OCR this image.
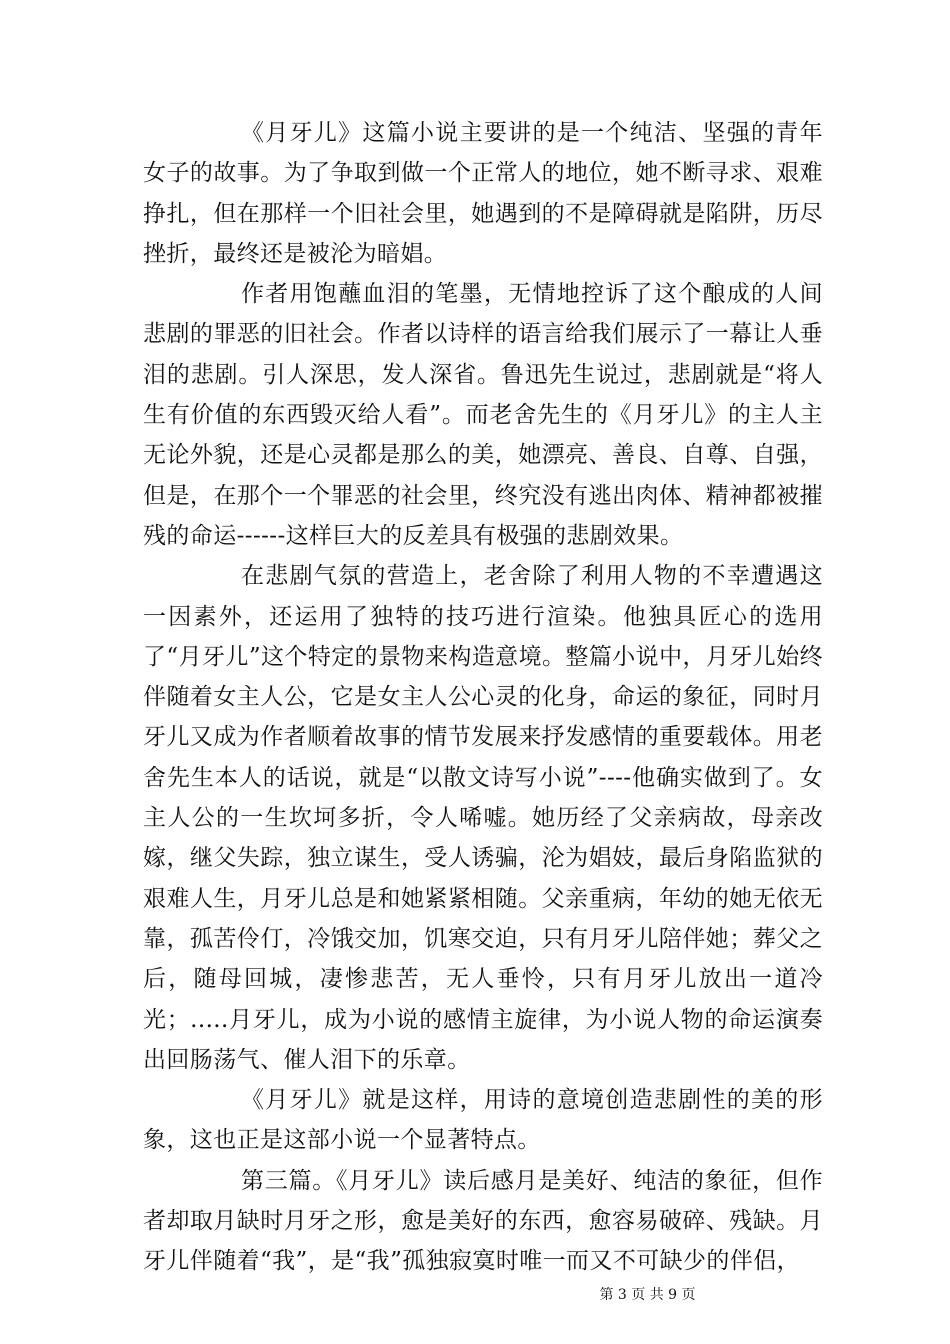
《月牙儿》这篇小说主要讲的是一个纯洁、坚强的青年女子的故事。为了争取到做一个正常人的地位，她不断寻求、艰难挣扎，但在那样一个旧社会里，她遇到的不是障碍就是陷阱，历尽挫折，最终还是被沦为暗娼。

作者用饱蘸血泪的笔墨，无情地控诉了这个酿成的人间悲剧的罪恶的旧社会。作者以诗样的语言给我们展示了一幕让人垂泪的悲剧。引人深思，发人深省。鲁迅先生说过，悲剧就是“将人生有价值的东西毁灭给人看”。而老舍先生的《月牙儿》的主人主无论外貌，还是心灵都是那么的美，她漂亮、善良、自尊、自强，但是，在那个一个罪恶的社会里，终究没有逃出肉体、精神都被摧残的命运------这样巨大的反差具有极强的悲剧效果。

在悲剧气氛的营造上，老舍除了利用人物的不幸遭遇这一因素外，还运用了独特的技巧进行渲染。他独具匠心的选用了“月牙儿”这个特定的景物来构造意境。整篇小说中，月牙儿始终伴随着女主人公，它是女主人公心灵的化身，命运的象征，同时月牙儿又成为作者顺着故事的情节发展来抒发感情的重要载体。用老舍先生本人的话说，就是“以散文诗写小说”----他确实做到了。女主人公的一生坎坷多折，令人唏嘘。她历经了父亲病故，母亲改嫁，继父失踪，独立谋生，受人诱骗，沦为娼妓，最后身陷监狱的艰难人生，月牙儿总是和她紧紧相随。父亲重病，年幼的她无依无靠，孤苦伶仃，冷饿交加，饥寒交迫，只有月牙儿陪伴她；葬父之后，随母回城，凄惨悲苦，无人垂怜，只有月牙儿放出一道冷光；.....月牙儿，成为小说的感情主旋律，为小说人物的命运演奏出回肠荡气、催人泪下的乐章。

《月牙儿》就是这样，用诗的意境创造悲剧性的美的形象，这也正是这部小说一个显著特点。

第三篇。《月牙儿》读后感月是美好、纯洁的象征，但作者却取月缺时月牙之形，愈是美好的东西，愈容易破碎、残缺。月牙儿伴随着“我”，是“我”孤独寂寞时唯一而又不可缺少的伴侣，

第 3 页 共 9 页
